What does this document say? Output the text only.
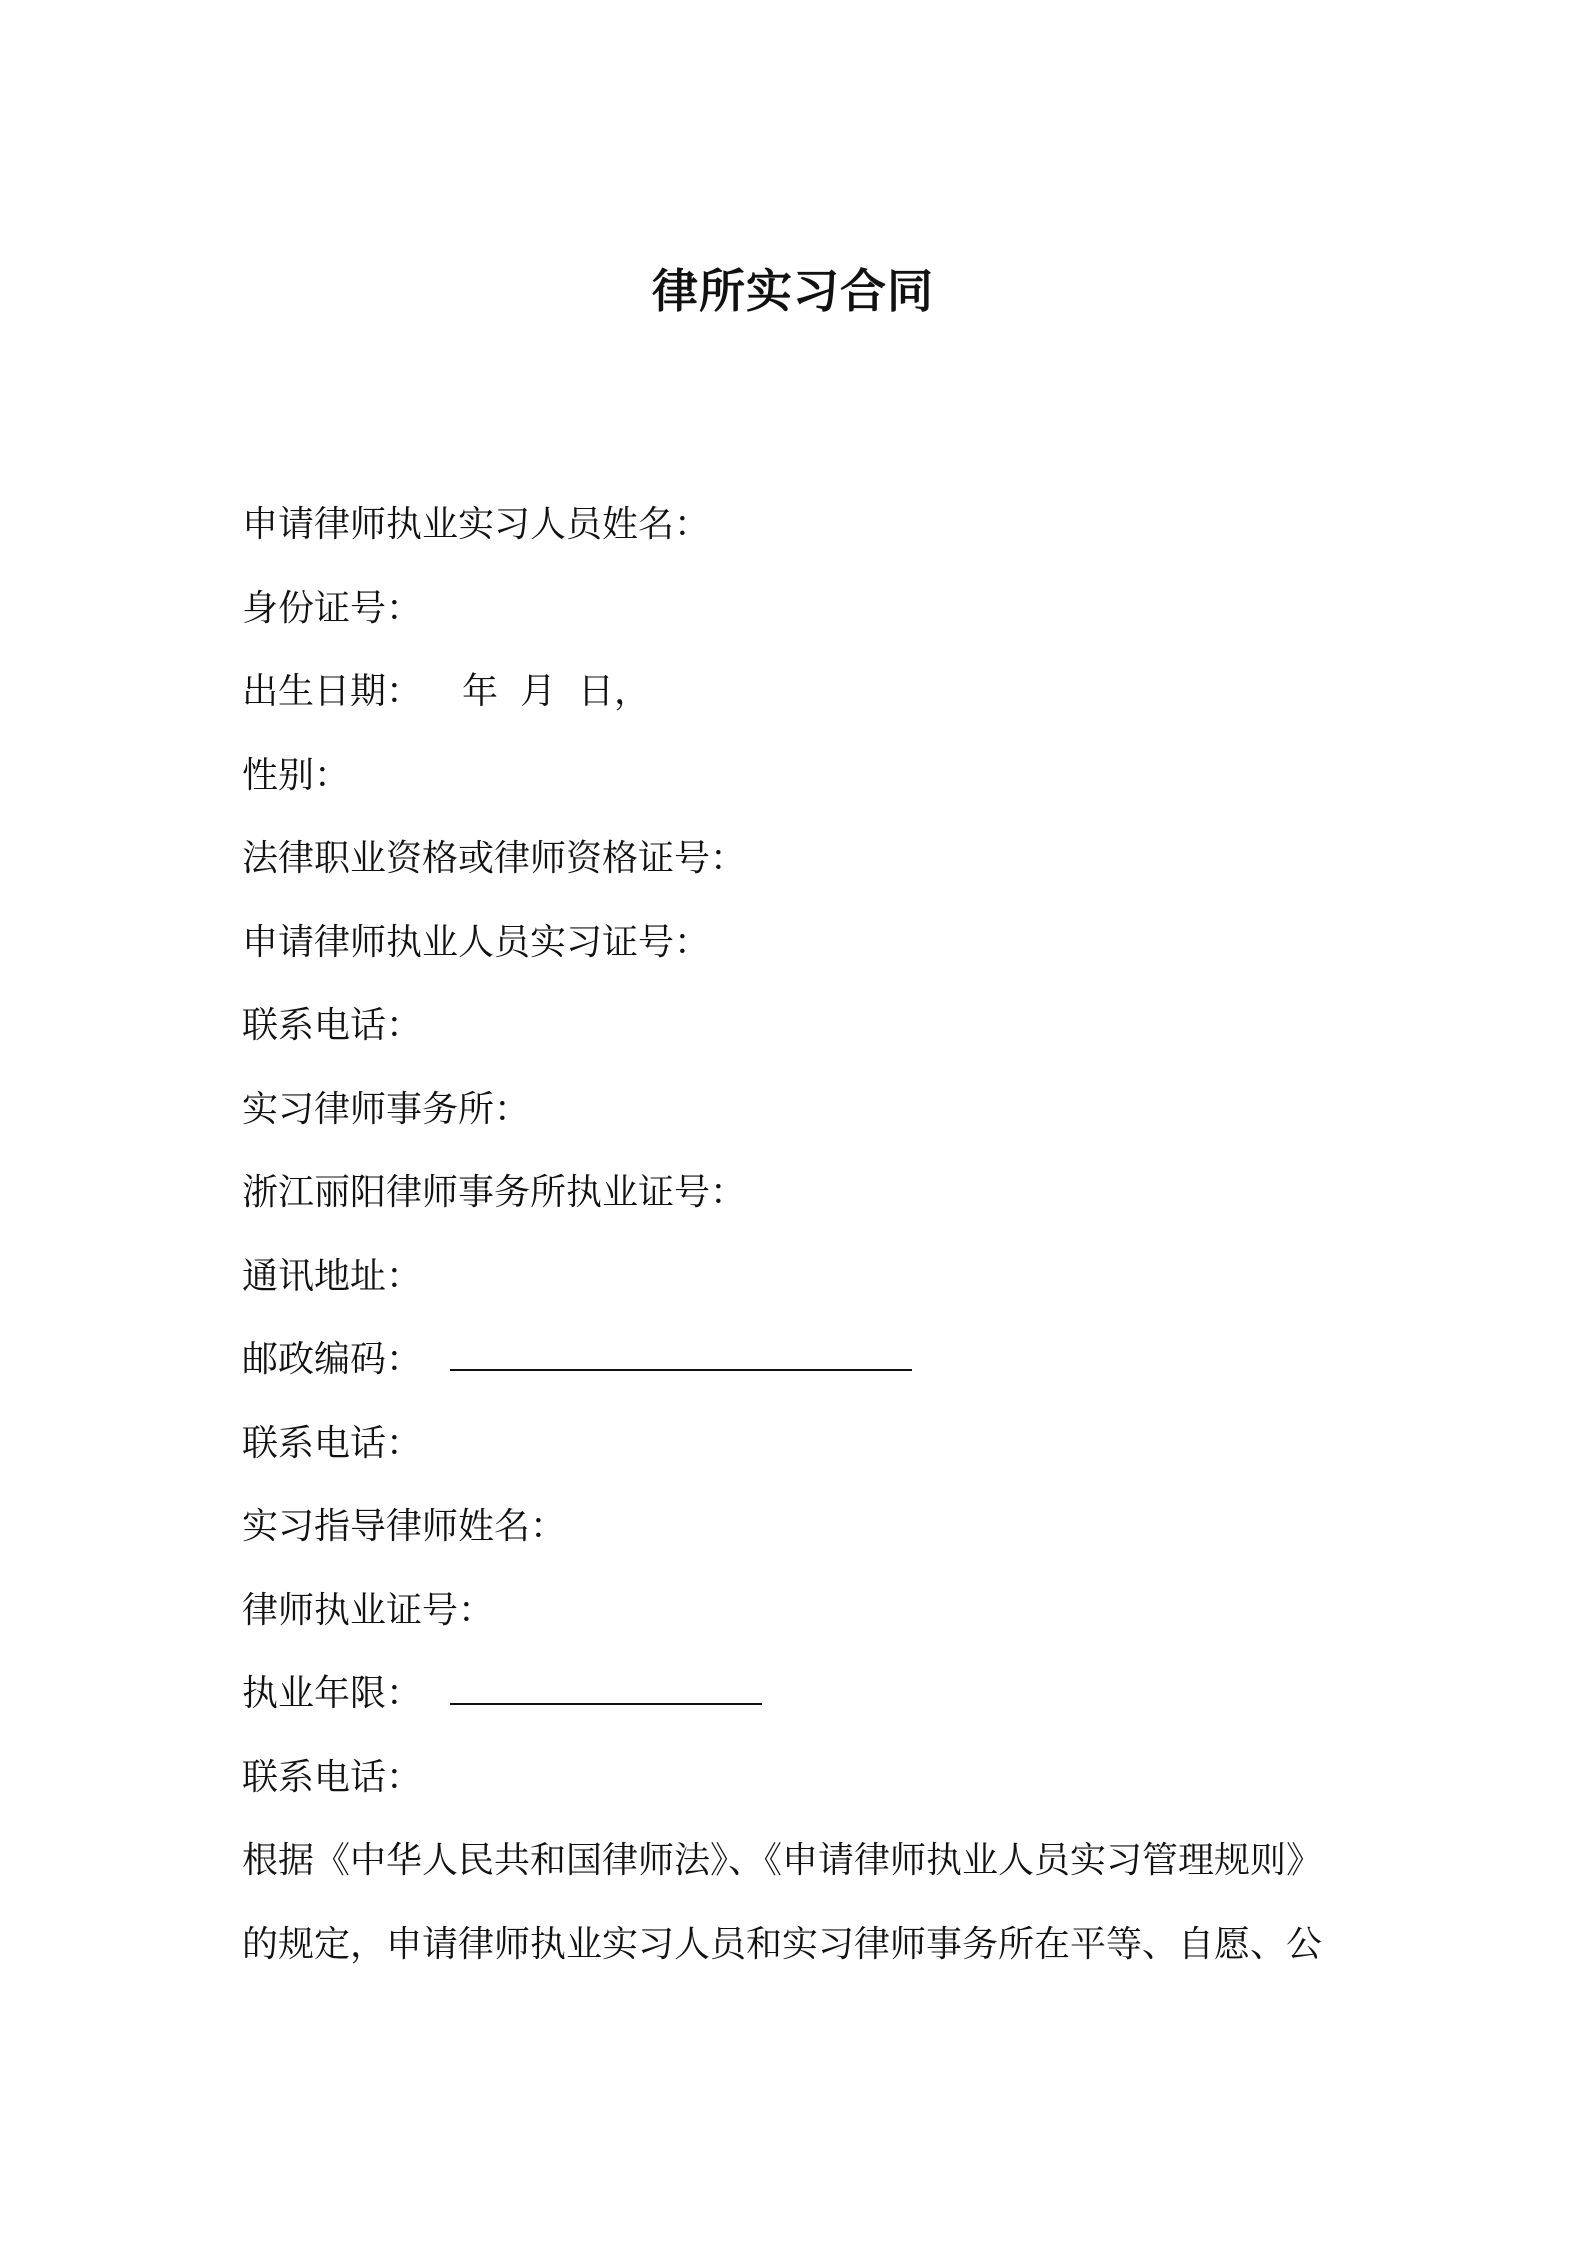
律所实习合同
申请律师执业实习人员姓名：
身份证号：
出生日期： 年 月 日，
性别：
法律职业资格或律师资格证号：
申请律师执业人员实习证号：
联系电话：
实习律师事务所：
浙江丽阳律师事务所执业证号：
通讯地址：
邮政编码：
联系电话：
实习指导律师姓名：
律师执业证号：
执业年限：
联系电话：
根据《中华人民共和国律师法》、《申请律师执业人员实习管理规则》
的规定，申请律师执业实习人员和实习律师事务所在平等、自愿、公
